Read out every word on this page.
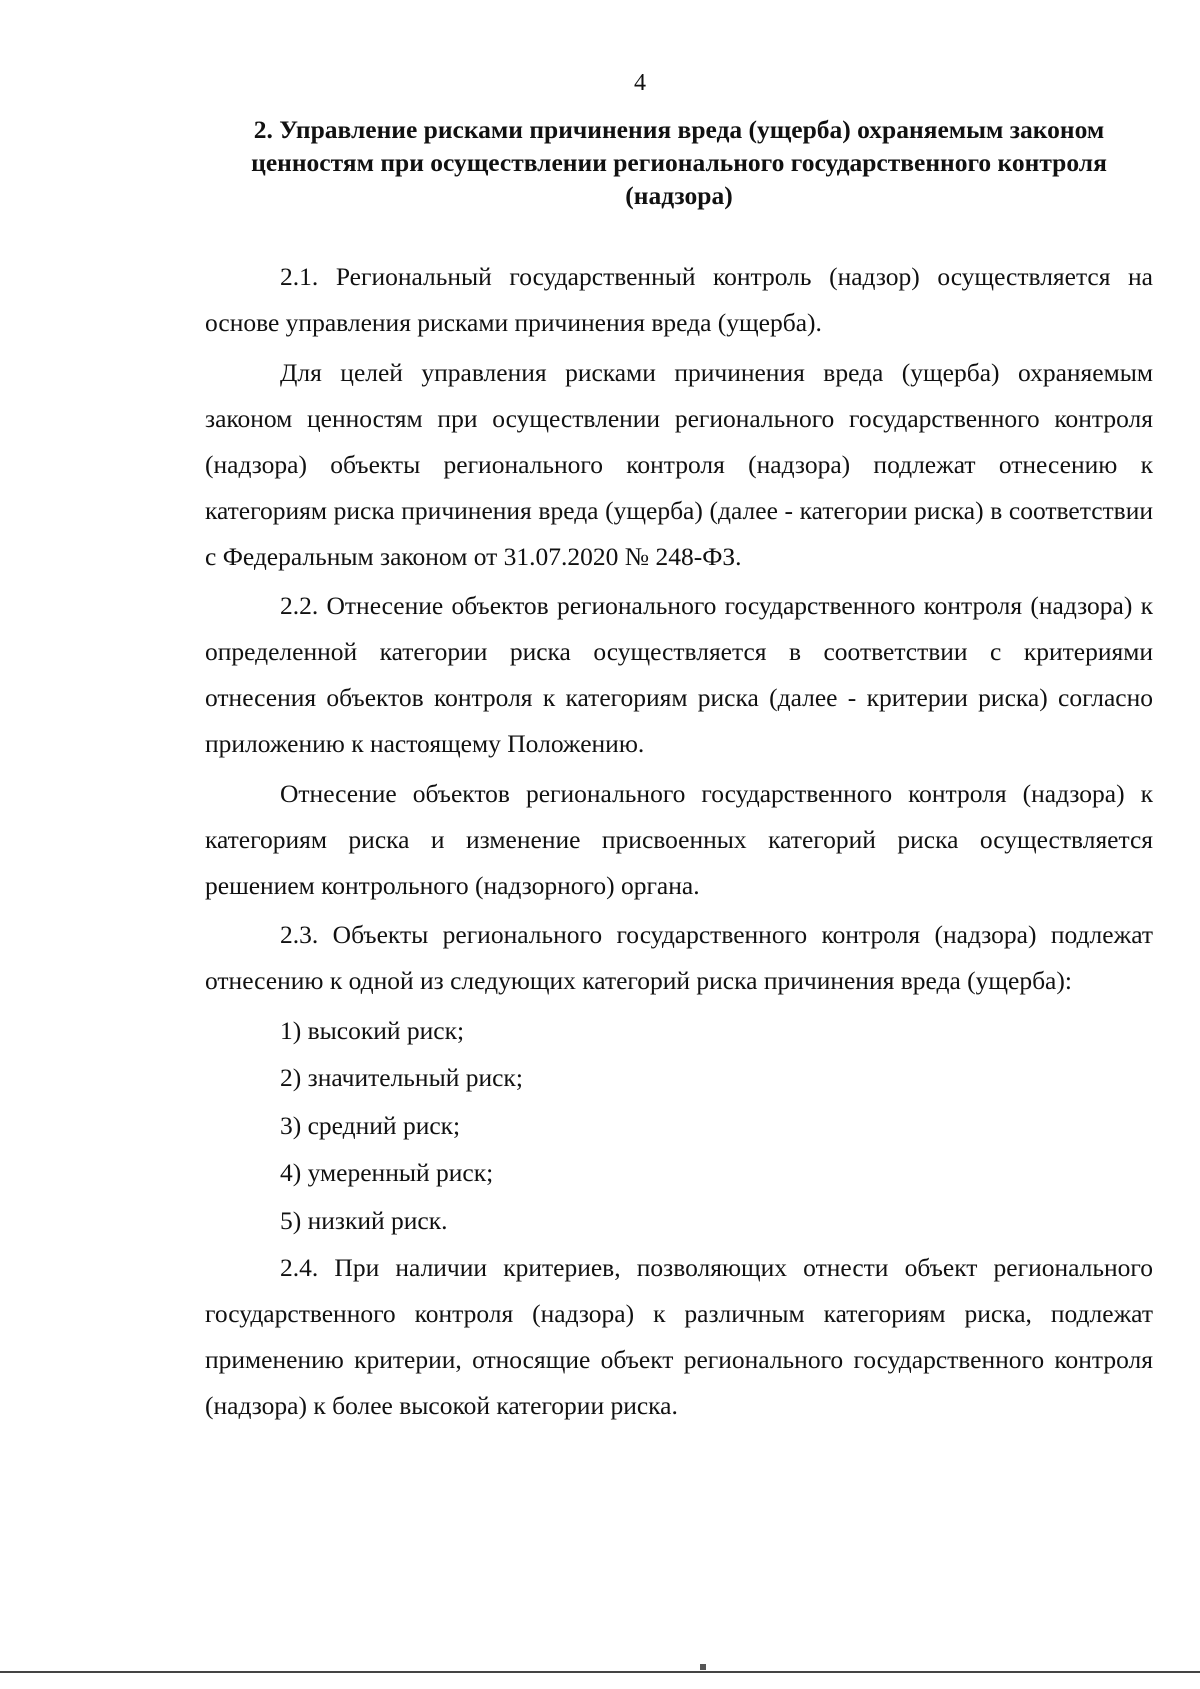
4
2. Управление рисками причинения вреда (ущерба) охраняемым законом ценностям при осуществлении регионального государственного контроля (надзора)

2.1. Региональный государственный контроль (надзор) осуществляется на основе управления рисками причинения вреда (ущерба).

Для целей управления рисками причинения вреда (ущерба) охраняемым законом ценностям при осуществлении регионального государственного контроля (надзора) объекты регионального контроля (надзора) подлежат отнесению к категориям риска причинения вреда (ущерба) (далее - категории риска) в соответствии с Федеральным законом от 31.07.2020 № 248-ФЗ.

2.2. Отнесение объектов регионального государственного контроля (надзора) к определенной категории риска осуществляется в соответствии с критериями отнесения объектов контроля к категориям риска (далее - критерии риска) согласно приложению к настоящему Положению.

Отнесение объектов регионального государственного контроля (надзора) к категориям риска и изменение присвоенных категорий риска осуществляется решением контрольного (надзорного) органа.

2.3. Объекты регионального государственного контроля (надзора) подлежат отнесению к одной из следующих категорий риска причинения вреда (ущерба):

1) высокий риск;

2) значительный риск;

3) средний риск;

4) умеренный риск;

5) низкий риск.

2.4. При наличии критериев, позволяющих отнести объект регионального государственного контроля (надзора) к различным категориям риска, подлежат применению критерии, относящие объект регионального государственного контроля (надзора) к более высокой категории риска.
